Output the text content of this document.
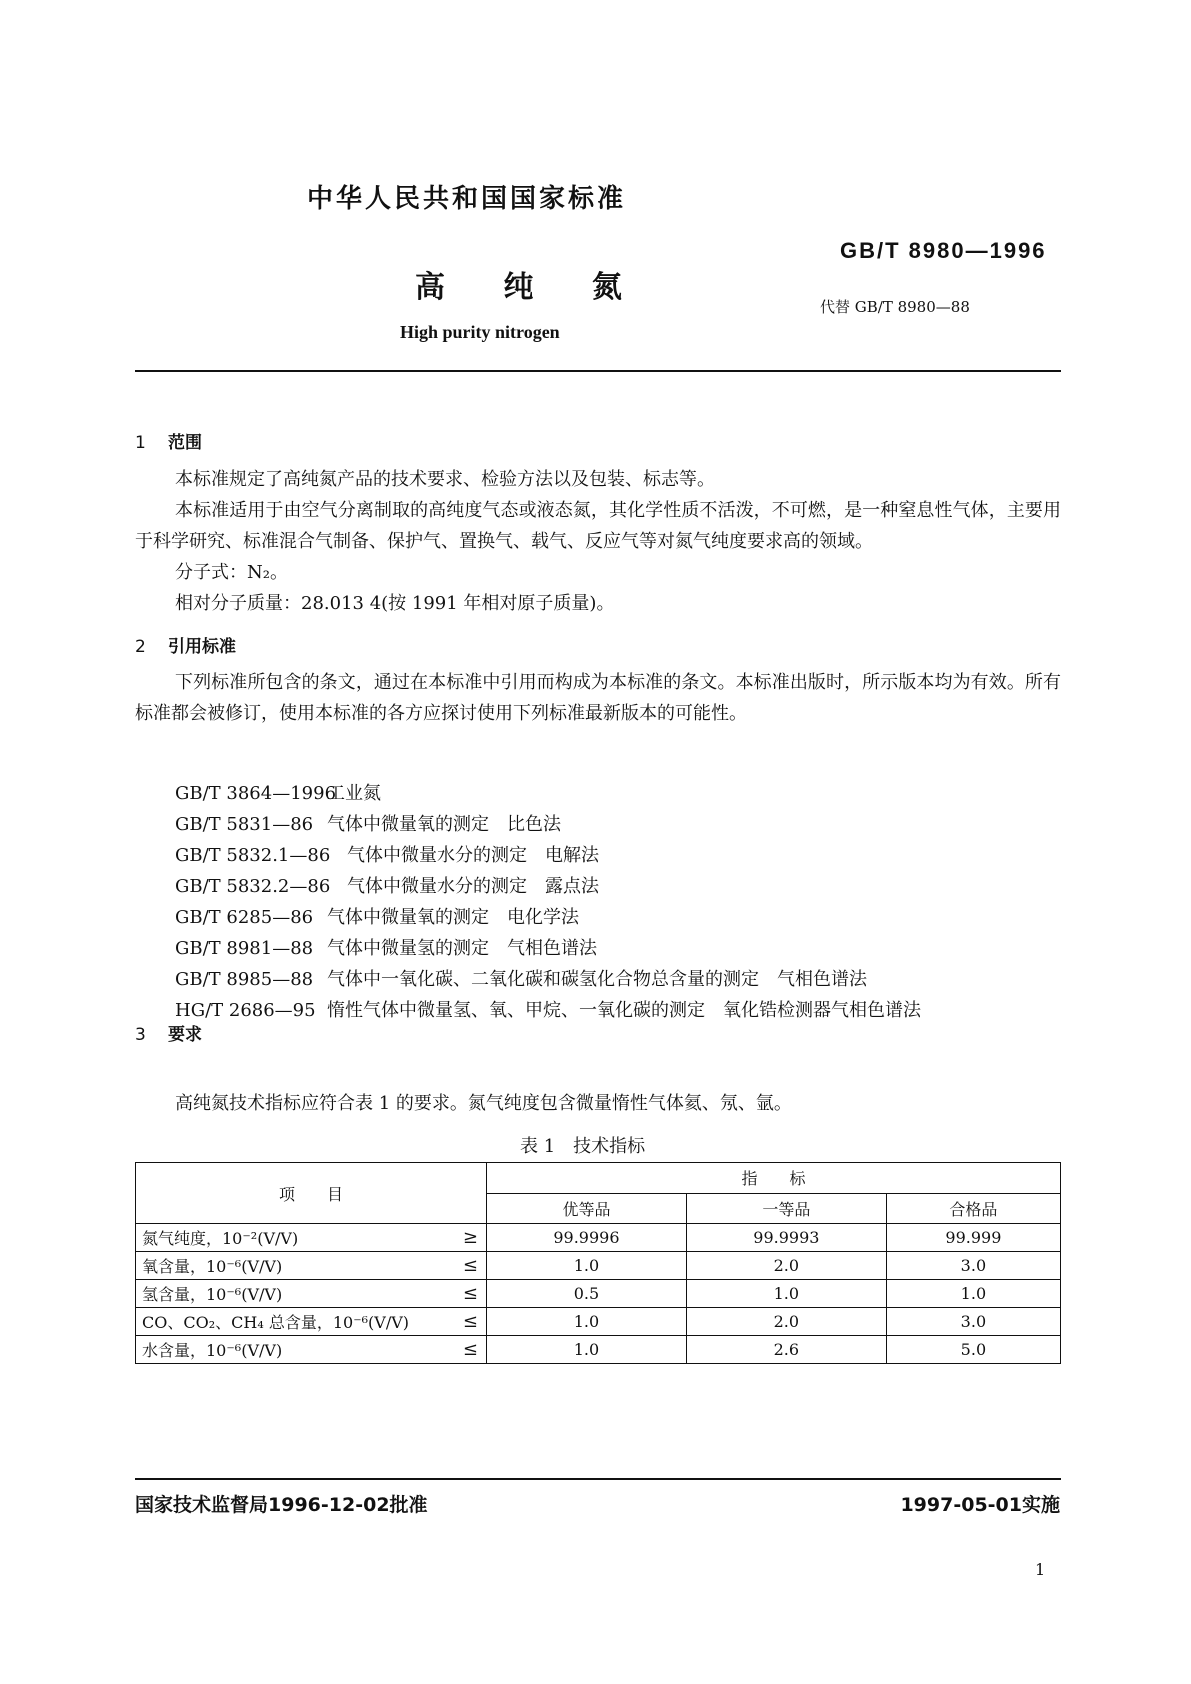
中华人民共和国国家标准
GB/T 8980—1996
高 纯 氮
代替 GB/T 8980—88
High purity nitrogen
1 范围

本标准规定了高纯氮产品的技术要求、检验方法以及包装、标志等。

本标准适用于由空气分离制取的高纯度气态或液态氮，其化学性质不活泼，不可燃，是一种窒息性气体，主要用于科学研究、标准混合气制备、保护气、置换气、载气、反应气等对氮气纯度要求高的领域。

分子式：N₂。

相对分子质量：28.013 4(按 1991 年相对原子质量)。

2 引用标准

下列标准所包含的条文，通过在本标准中引用而构成为本标准的条文。本标准出版时，所示版本均为有效。所有标准都会被修订，使用本标准的各方应探讨使用下列标准最新版本的可能性。

GB/T 3864—1996工业氮
GB/T 5831—86 气体中微量氧的测定　比色法
GB/T 5832.1—86 气体中微量水分的测定　电解法
GB/T 5832.2—86 气体中微量水分的测定　露点法
GB/T 6285—86 气体中微量氧的测定　电化学法
GB/T 8981—88 气体中微量氢的测定　气相色谱法
GB/T 8985—88 气体中一氧化碳、二氧化碳和碳氢化合物总含量的测定　气相色谱法
HG/T 2686—95 惰性气体中微量氢、氧、甲烷、一氧化碳的测定　氧化锆检测器气相色谱法
3 要求

高纯氮技术指标应符合表 1 的要求。氮气纯度包含微量惰性气体氦、氖、氩。

表 1　技术指标
项　　目	指　　标		
	优等品	一等品	合格品
氮气纯度，10⁻²(V/V) ≥	99.9996	99.9993	99.999
氧含量，10⁻⁶(V/V) ≤	1.0	2.0	3.0
氢含量，10⁻⁶(V/V) ≤	0.5	1.0	1.0
CO、CO₂、CH₄ 总含量，10⁻⁶(V/V) ≤	1.0	2.0	3.0
水含量，10⁻⁶(V/V) ≤	1.0	2.6	5.0
国家技术监督局1996-12-02批准	1997-05-01实施
1
